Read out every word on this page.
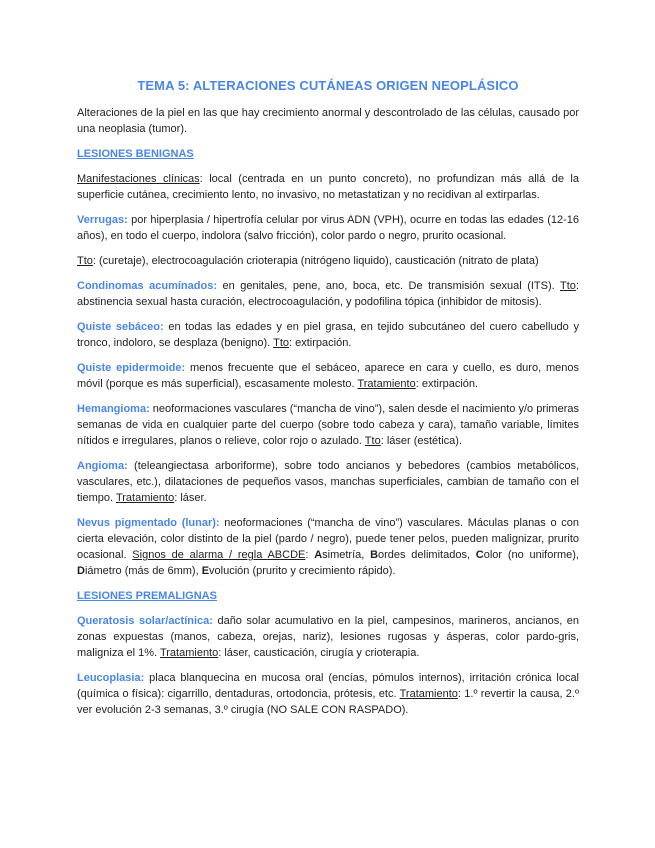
TEMA 5: ALTERACIONES CUTÁNEAS ORIGEN NEOPLÁSICO

Alteraciones de la piel en las que hay crecimiento anormal y descontrolado de las células, causado por una neoplasia (tumor).

LESIONES BENIGNAS

Manifestaciones clínicas: local (centrada en un punto concreto), no profundizan más allá de la superficie cutánea, crecimiento lento, no invasivo, no metastatizan y no recidivan al extirparlas.

Verrugas: por hiperplasia / hipertrofía celular por virus ADN (VPH), ocurre en todas las edades (12-16 años), en todo el cuerpo, indolora (salvo fricción), color pardo o negro, prurito ocasional.

Tto: (curetaje), electrocoagulación crioterapia (nitrógeno liquido), causticación (nitrato de plata)

Condinomas acumínados: en genitales, pene, ano, boca, etc. De transmisión sexual (ITS). Tto: abstinencia sexual hasta curación, electrocoagulación, y podofilina tópica (inhibidor de mitosis).

Quiste sebáceo: en todas las edades y en piel grasa, en tejido subcutáneo del cuero cabelludo y tronco, indoloro, se desplaza (benigno). Tto: extirpación.

Quiste epidermoide: menos frecuente que el sebáceo, aparece en cara y cuello, es duro, menos móvil (porque es más superficial), escasamente molesto. Tratamiento: extirpación.

Hemangioma: neoformaciones vasculares (“mancha de vino”), salen desde el nacimiento y/o primeras semanas de vida en cualquier parte del cuerpo (sobre todo cabeza y cara), tamaño variable, límites nítidos e irregulares, planos o relieve, color rojo o azulado. Tto: láser (estética).

Angioma: (teleangiectasa arboriforme), sobre todo ancianos y bebedores (cambios metabólicos, vasculares, etc.), dilataciones de pequeños vasos, manchas superficiales, cambian de tamaño con el tiempo. Tratamiento: láser.

Nevus pigmentado (lunar): neoformaciones (“mancha de vino”) vasculares. Máculas planas o con cierta elevación, color distinto de la piel (pardo / negro), puede tener pelos, pueden malignizar, prurito ocasional. Signos de alarma / regla ABCDE: Asimetría, Bordes delimitados, Color (no uniforme), Diámetro (más de 6mm), Evolución (prurito y crecimiento rápido).

LESIONES PREMALIGNAS

Queratosis solar/actínica: daño solar acumulativo en la piel, campesinos, marineros, ancianos, en zonas expuestas (manos, cabeza, orejas, nariz), lesiones rugosas y ásperas, color pardo-gris, maligniza el 1%. Tratamiento: láser, causticación, cirugía y crioterapia.

Leucoplasia: placa blanquecina en mucosa oral (encías, pómulos internos), irritación crónica local (química o física): cigarrillo, dentaduras, ortodoncia, prótesis, etc. Tratamiento: 1.º revertir la causa, 2.º ver evolución 2-3 semanas, 3.º cirugía (NO SALE CON RASPADO).
